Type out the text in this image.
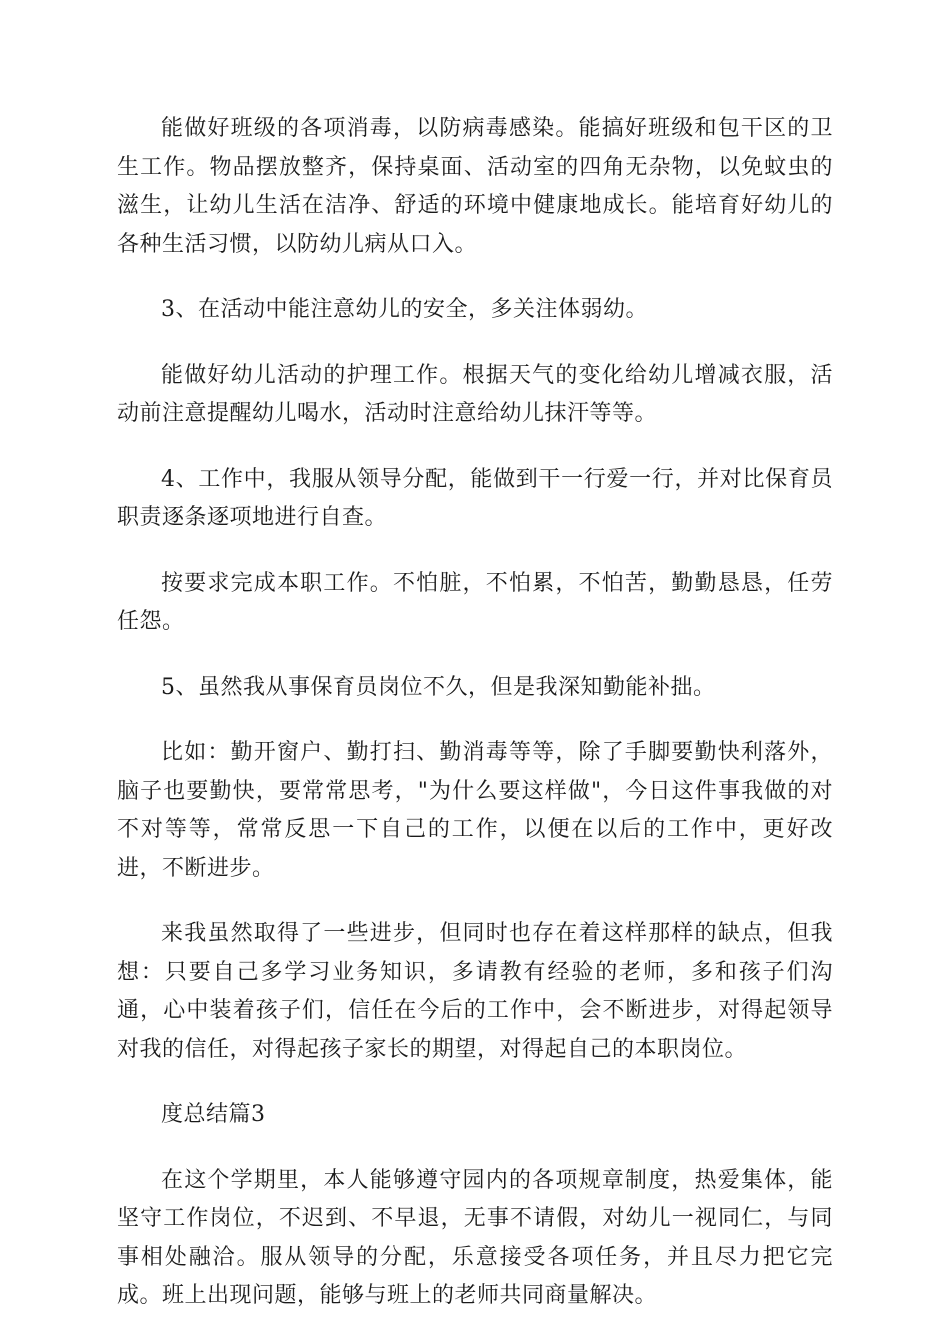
能做好班级的各项消毒，以防病毒感染。能搞好班级和包干区的卫生工作。物品摆放整齐，保持桌面、活动室的四角无杂物，以免蚊虫的滋生，让幼儿生活在洁净、舒适的环境中健康地成长。能培育好幼儿的各种生活习惯，以防幼儿病从口入。

3、在活动中能注意幼儿的安全，多关注体弱幼。

能做好幼儿活动的护理工作。根据天气的变化给幼儿增减衣服，活动前注意提醒幼儿喝水，活动时注意给幼儿抹汗等等。

4、工作中，我服从领导分配，能做到干一行爱一行，并对比保育员职责逐条逐项地进行自查。

按要求完成本职工作。不怕脏，不怕累，不怕苦，勤勤恳恳，任劳任怨。

5、虽然我从事保育员岗位不久，但是我深知勤能补拙。

比如：勤开窗户、勤打扫、勤消毒等等，除了手脚要勤快利落外，脑子也要勤快，要常常思考，"为什么要这样做"，今日这件事我做的对不对等等，常常反思一下自己的工作，以便在以后的工作中，更好改进，不断进步。

来我虽然取得了一些进步，但同时也存在着这样那样的缺点，但我想：只要自己多学习业务知识，多请教有经验的老师，多和孩子们沟通，心中装着孩子们，信任在今后的工作中，会不断进步，对得起领导对我的信任，对得起孩子家长的期望，对得起自己的本职岗位。

度总结篇3

在这个学期里，本人能够遵守园内的各项规章制度，热爱集体，能坚守工作岗位，不迟到、不早退，无事不请假，对幼儿一视同仁，与同事相处融洽。服从领导的分配，乐意接受各项任务，并且尽力把它完成。班上出现问题，能够与班上的老师共同商量解决。
